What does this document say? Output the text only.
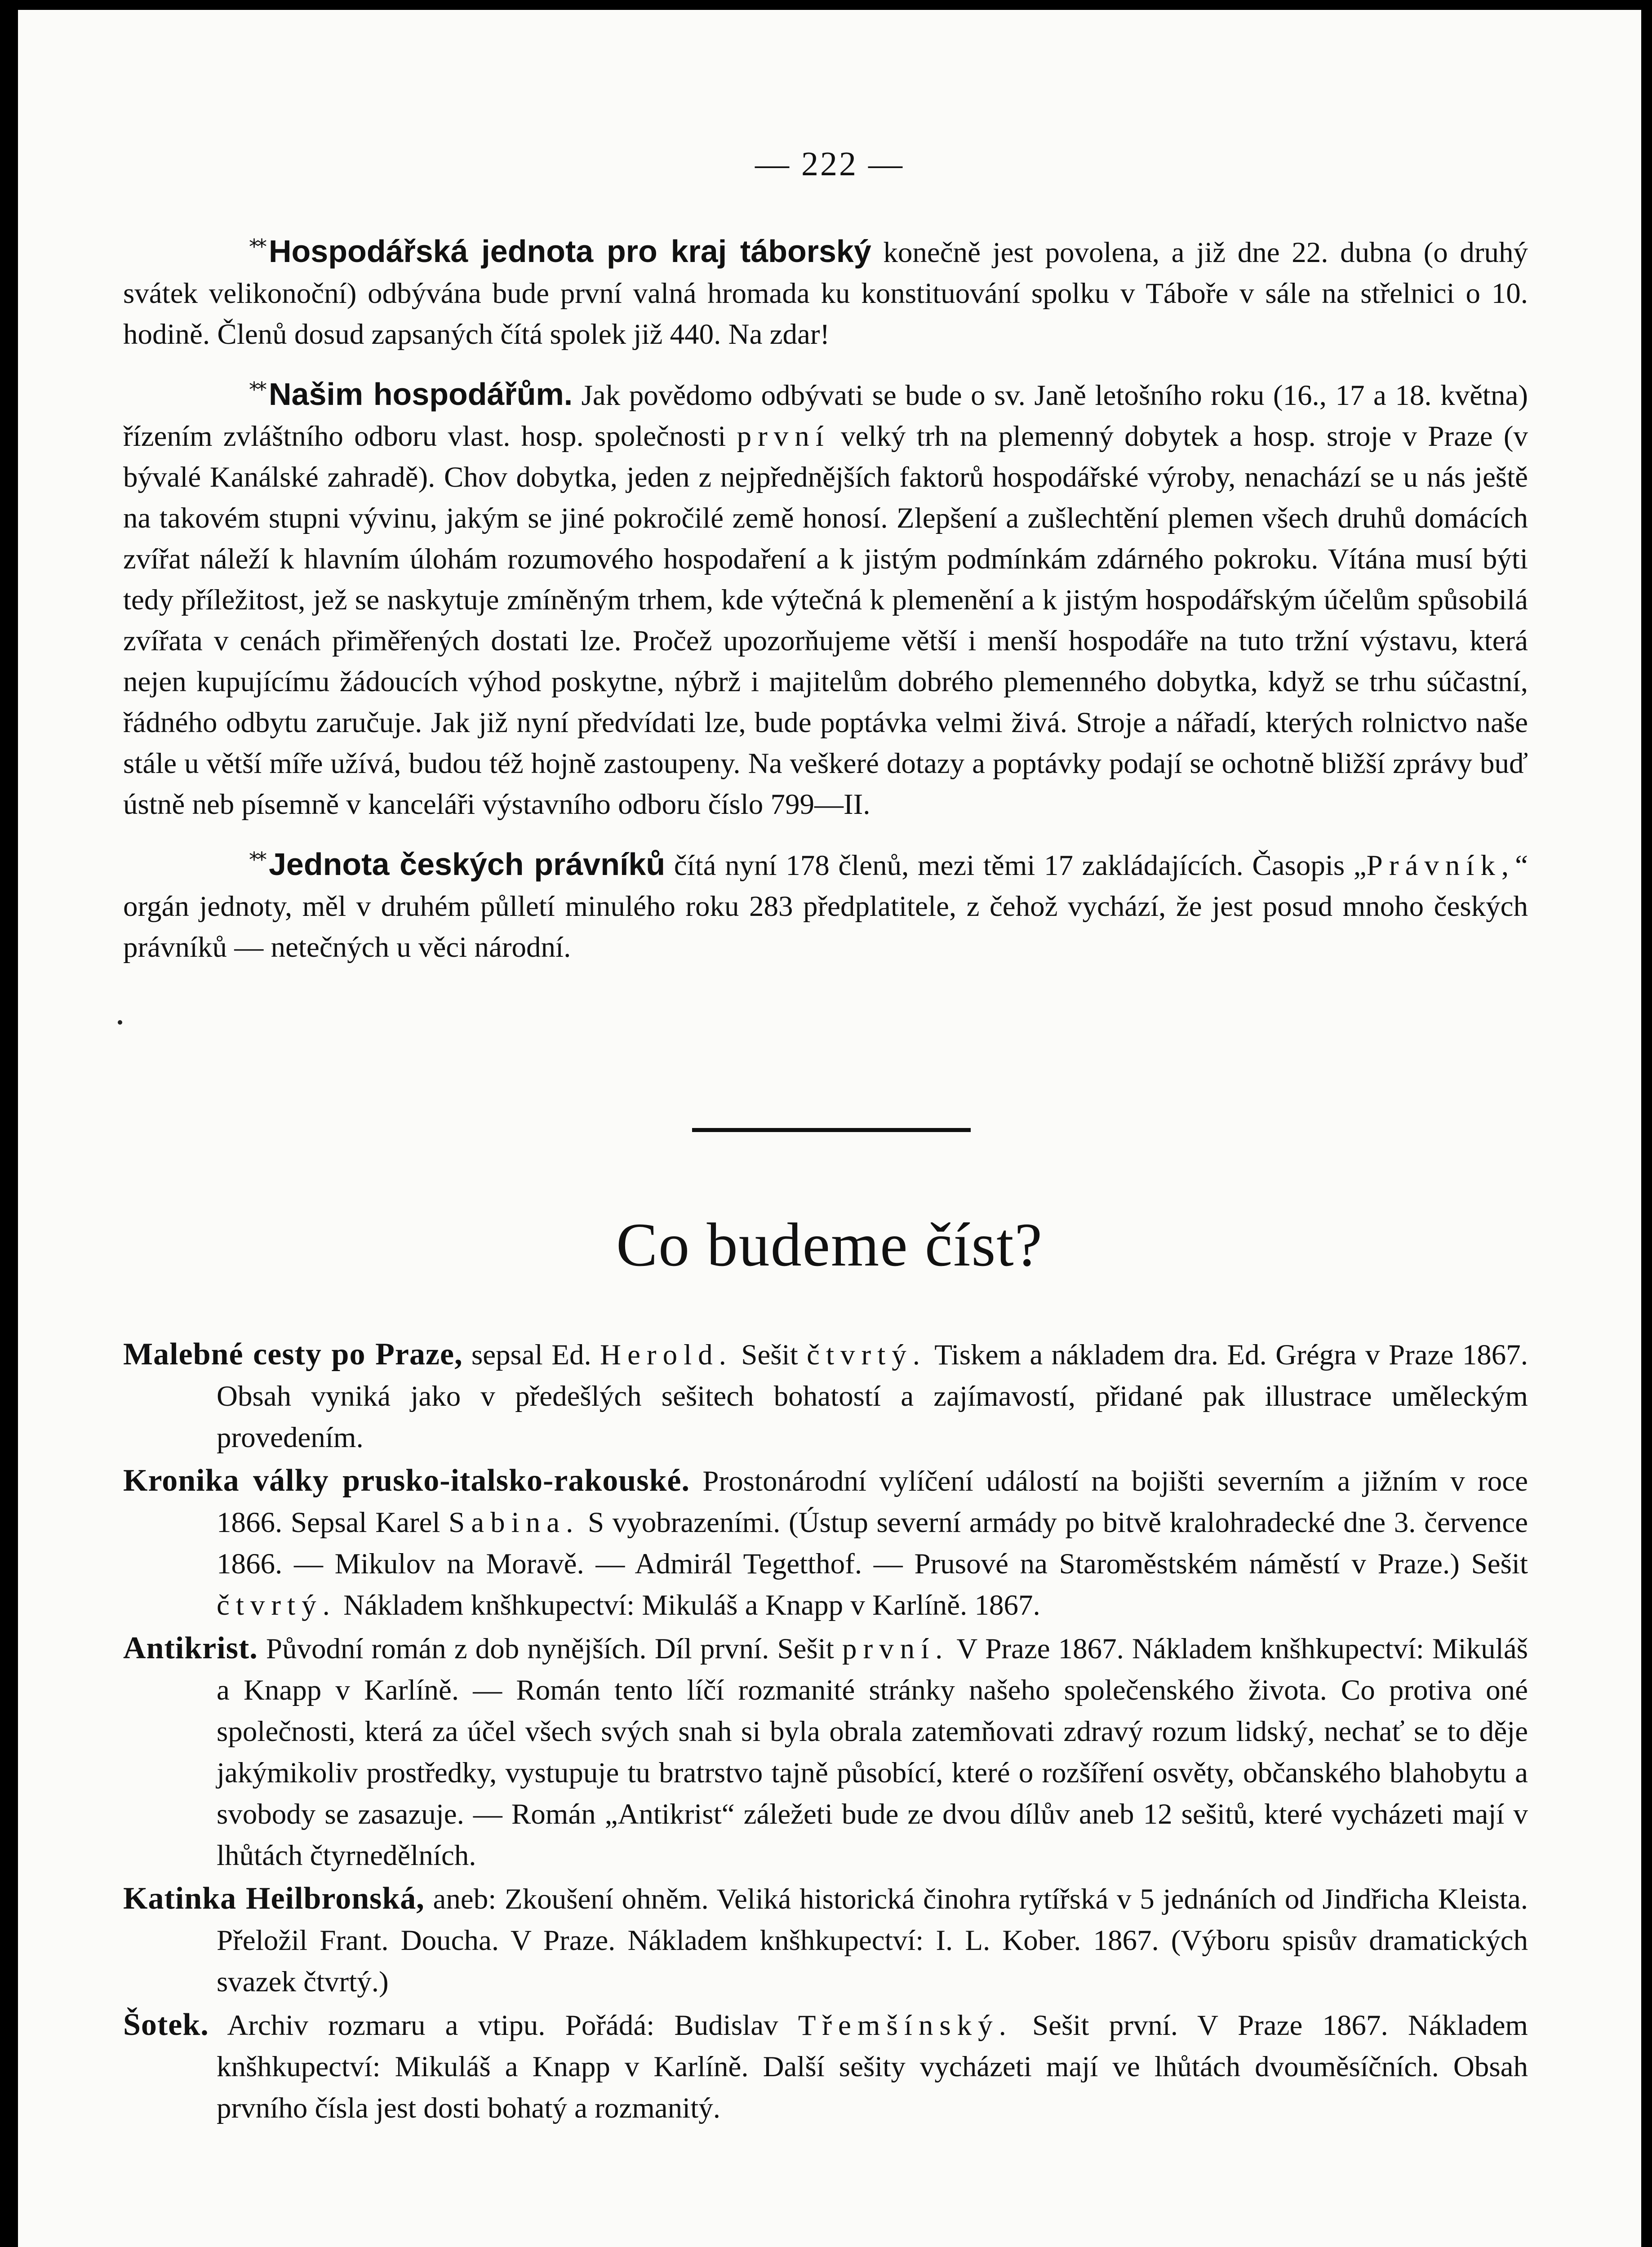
— 222 —

** Hospodářská jednota pro kraj táborský konečně jest povolena, a již dne 22. dubna (o druhý svátek velikonoční) odbývána bude první valná hromada ku konstituování spolku v Táboře v sále na střelnici o 10. hodině. Členů dosud zapsaných čítá spolek již 440. Na zdar!

** Našim hospodářům. Jak povědomo odbývati se bude o sv. Janě letošního roku (16., 17 a 18. května) řízením zvláštního odboru vlast. hosp. společnosti první velký trh na plemenný dobytek a hosp. stroje v Praze (v bývalé Kanálské zahradě). Chov dobytka, jeden z nejpřednějších faktorů hospodářské výroby, nenachází se u nás ještě na takovém stupni vývinu, jakým se jiné pokročilé země honosí. Zlepšení a zušlechtění plemen všech druhů domácích zvířat náleží k hlavním úlohám rozumového hospodaření a k jistým podmínkám zdárného pokroku. Vítána musí býti tedy příležitost, jež se naskytuje zmíněným trhem, kde výtečná k plemenění a k jistým hospodářským účelům spůsobilá zvířata v cenách přiměřených dostati lze. Pročež upozorňujeme větší i menší hospodáře na tuto tržní výstavu, která nejen kupujícímu žádoucích výhod poskytne, nýbrž i majitelům dobrého plemenného dobytka, když se trhu súčastní, řádného odbytu zaručuje. Jak již nyní předvídati lze, bude poptávka velmi živá. Stroje a nářadí, kterých rolnictvo naše stále u větší míře užívá, budou též hojně zastoupeny. Na veškeré dotazy a poptávky podají se ochotně bližší zprávy buď ústně neb písemně v kanceláři výstavního odboru číslo 799—II.

** Jednota českých právníků čítá nyní 178 členů, mezi těmi 17 zakládajících. Časopis „Právník,“ orgán jednoty, měl v druhém půlletí minulého roku 283 předplatitele, z čehož vychází, že jest posud mnoho českých právníků — netečných u věci národní.

Co budeme číst?

Malebné cesty po Praze, sepsal Ed. Herold. Sešit čtvrtý. Tiskem a nákladem dra. Ed. Grégra v Praze 1867. Obsah vyniká jako v předešlých sešitech bohatostí a zajímavostí, přidané pak illustrace uměleckým provedením.

Kronika války prusko-italsko-rakouské. Prostonárodní vylíčení událostí na bojišti severním a jižním v roce 1866. Sepsal Karel Sabina. S vyobrazeními. (Ústup severní armády po bitvě kralohradecké dne 3. července 1866. — Mikulov na Moravě. — Admirál Tegetthof. — Prusové na Staroměstském náměstí v Praze.) Sešit čtvrtý. Nákladem knšhkupectví: Mikuláš a Knapp v Karlíně. 1867.

Antikrist. Původní román z dob nynějších. Díl první. Sešit první. V Praze 1867. Nákladem knšhkupectví: Mikuláš a Knapp v Karlíně. — Román tento líčí rozmanité stránky našeho společenského života. Co protiva oné společnosti, která za účel všech svých snah si byla obrala zatemňovati zdravý rozum lidský, nechať se to děje jakýmikoliv prostředky, vystupuje tu bratrstvo tajně působící, které o rozšíření osvěty, občanského blahobytu a svobody se zasazuje. — Román „Antikrist“ záležeti bude ze dvou dílův aneb 12 sešitů, které vycházeti mají v lhůtách čtyrnedělních.

Katinka Heilbronská, aneb: Zkoušení ohněm. Veliká historická činohra rytířská v 5 jednáních od Jindřicha Kleista. Přeložil Frant. Doucha. V Praze. Nákladem knšhkupectví: I. L. Kober. 1867. (Výboru spisův dramatických svazek čtvrtý.)

Šotek. Archiv rozmaru a vtipu. Pořádá: Budislav Třemšínský. Sešit první. V Praze 1867. Nákladem knšhkupectví: Mikuláš a Knapp v Karlíně. Další sešity vycházeti mají ve lhůtách dvouměsíčních. Obsah prvního čísla jest dosti bohatý a rozmanitý.
